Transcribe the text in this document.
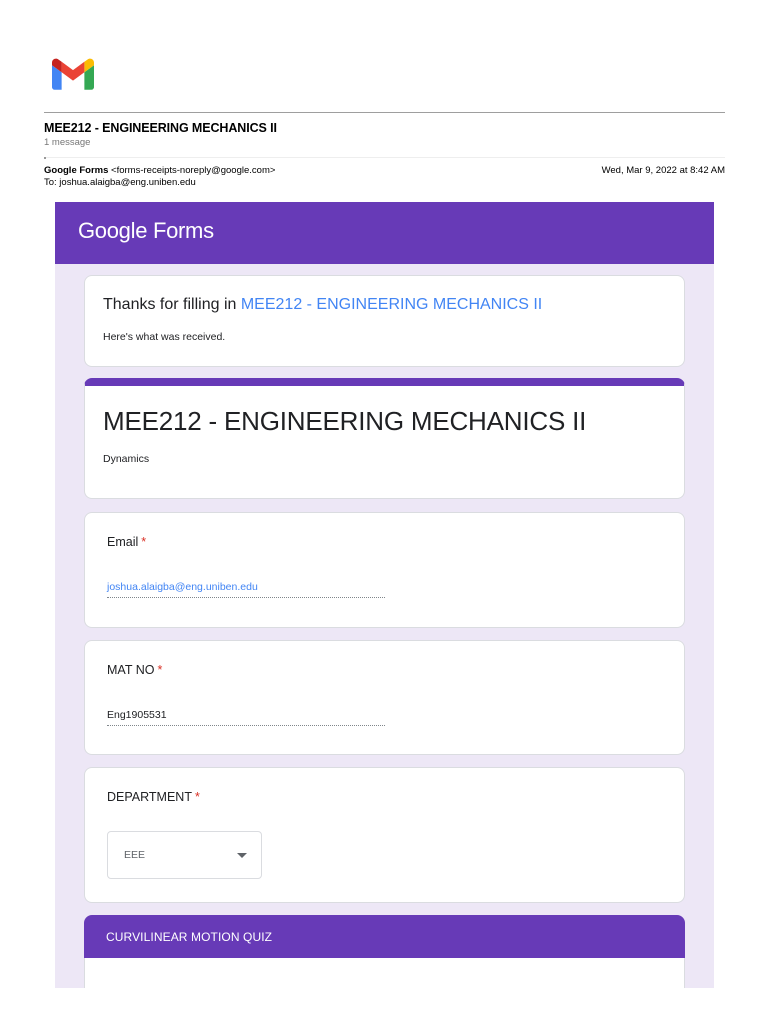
MEE212 - ENGINEERING MECHANICS II
1 message
Google Forms <forms-receipts-noreply@google.com>
To: joshua.alaigba@eng.uniben.edu
Wed, Mar 9, 2022 at 8:42 AM
Google Forms
Thanks for filling in MEE212 - ENGINEERING MECHANICS II
Here's what was received.
MEE212 - ENGINEERING MECHANICS II
Dynamics
Email *
joshua.alaigba@eng.uniben.edu
MAT NO *
Eng1905531
DEPARTMENT *
EEE
CURVILINEAR MOTION QUIZ
